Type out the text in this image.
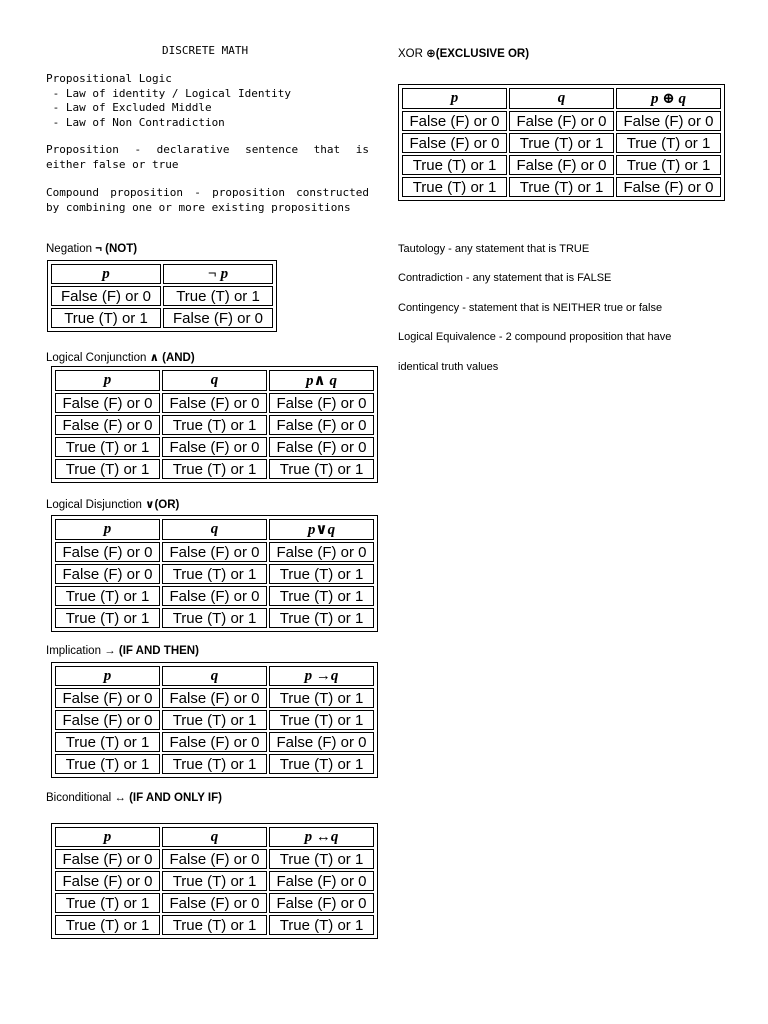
DISCRETE MATH
Propositional Logic
- Law of identity / Logical Identity
- Law of Excluded Middle
- Law of Non Contradiction
Proposition - declarative sentence that is either false or true
Compound proposition - proposition constructed by combining one or more existing propositions
Negation ¬ (NOT)
p	¬ p
False (F) or 0	True (T) or 1
True (T) or 1	False (F) or 0
Logical Conjunction ∧ (AND)
p	q	p∧ q
False (F) or 0	False (F) or 0	False (F) or 0
False (F) or 0	True (T) or 1	False (F) or 0
True (T) or 1	False (F) or 0	False (F) or 0
True (T) or 1	True (T) or 1	True (T) or 1
Logical Disjunction ∨(OR)
p	q	p∨q
False (F) or 0	False (F) or 0	False (F) or 0
False (F) or 0	True (T) or 1	True (T) or 1
True (T) or 1	False (F) or 0	True (T) or 1
True (T) or 1	True (T) or 1	True (T) or 1
Implication → (IF AND THEN)
p	q	p →q
False (F) or 0	False (F) or 0	True (T) or 1
False (F) or 0	True (T) or 1	True (T) or 1
True (T) or 1	False (F) or 0	False (F) or 0
True (T) or 1	True (T) or 1	True (T) or 1
Biconditional ↔ (IF AND ONLY IF)
p	q	p ↔q
False (F) or 0	False (F) or 0	True (T) or 1
False (F) or 0	True (T) or 1	False (F) or 0
True (T) or 1	False (F) or 0	False (F) or 0
True (T) or 1	True (T) or 1	True (T) or 1
XOR ⊕(EXCLUSIVE OR)
p	q	p ⊕ q
False (F) or 0	False (F) or 0	False (F) or 0
False (F) or 0	True (T) or 1	True (T) or 1
True (T) or 1	False (F) or 0	True (T) or 1
True (T) or 1	True (T) or 1	False (F) or 0
Tautology - any statement that is TRUE
Contradiction - any statement that is FALSE
Contingency - statement that is NEITHER true or false
Logical Equivalence - 2 compound proposition that have
identical truth values
